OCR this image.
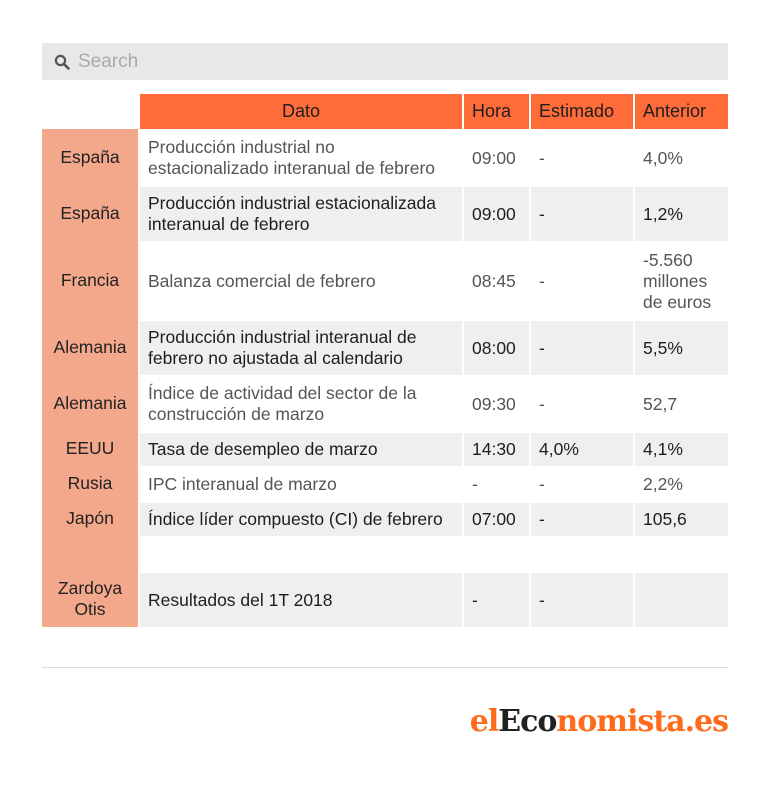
Search
	Dato	Hora	Estimado	Anterior
España	Producción industrial no estacionalizado interanual de febrero	09:00	-	4,0%
España	Producción industrial estacionalizada interanual de febrero	09:00	-	1,2%
Francia	Balanza comercial de febrero	08:45	-	-5.560 millones de euros
Alemania	Producción industrial interanual de febrero no ajustada al calendario	08:00	-	5,5%
Alemania	Índice de actividad del sector de la construcción de marzo	09:30	-	52,7
EEUU	Tasa de desempleo de marzo	14:30	4,0%	4,1%
Rusia	IPC interanual de marzo	-	-	2,2%
Japón	Índice líder compuesto (CI) de febrero	07:00	-	105,6

Zardoya Otis	Resultados del 1T 2018	-	-	
elEconomista.es
